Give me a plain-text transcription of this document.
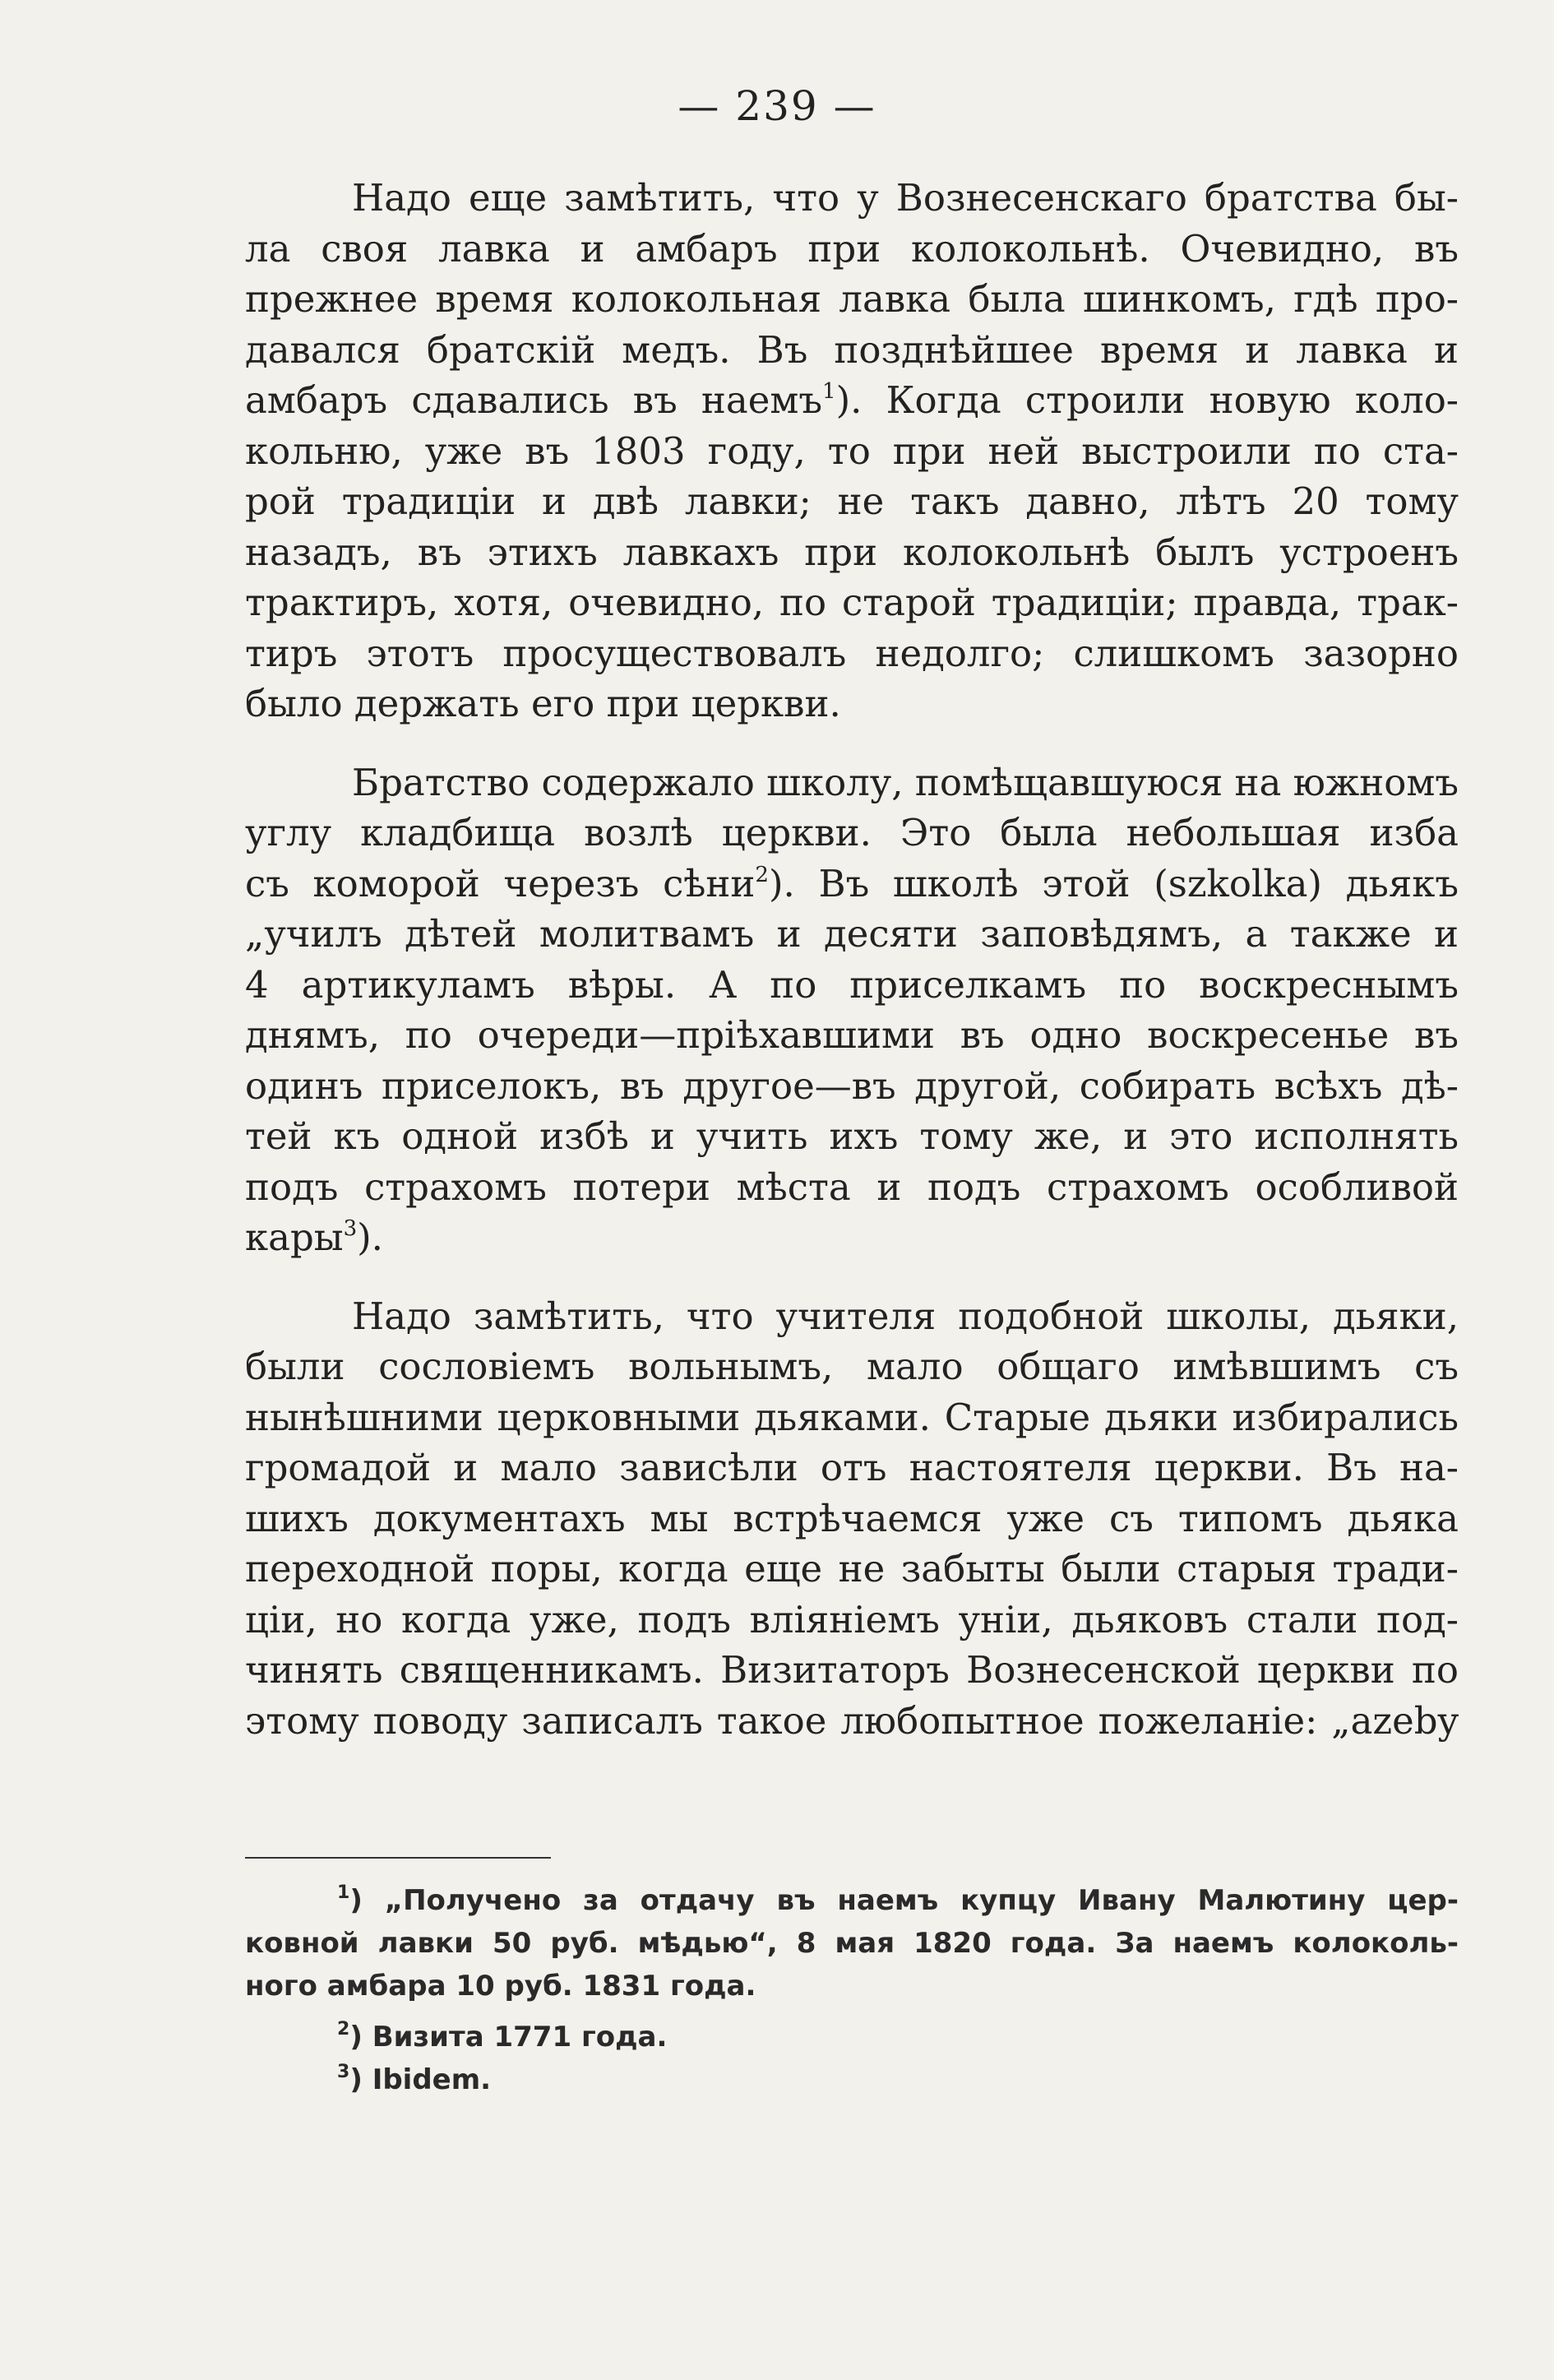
— 239 —
Надо еще замѣтить, что у Вознесенскаго братства бы-
ла своя лавка и амбаръ при колокольнѣ. Очевидно, въ
прежнее время колокольная лавка была шинкомъ, гдѣ про-
давался братскій медъ. Въ позднѣйшее время и лавка и
амбаръ сдавались въ наемъ$^1$). Когда строили новую коло-
кольню, уже въ 1803 году, то при ней выстроили по ста-
рой традиціи и двѣ лавки; не такъ давно, лѣтъ 20 тому
назадъ, въ этихъ лавкахъ при колокольнѣ былъ устроенъ
трактиръ, хотя, очевидно, по старой традиціи; правда, трак-
тиръ этотъ просуществовалъ недолго; слишкомъ зазорно
было держать его при церкви.
Братство содержало школу, помѣщавшуюся на южномъ
углу кладбища возлѣ церкви. Это была небольшая изба
съ коморой черезъ сѣни$^2$). Въ школѣ этой (szkolka) дьякъ
„училъ дѣтей молитвамъ и десяти заповѣдямъ, а также и
4 артикуламъ вѣры. А по приселкамъ по воскреснымъ
днямъ, по очереди—пріѣхавшими въ одно воскресенье въ
одинъ приселокъ, въ другое—въ другой, собирать всѣхъ дѣ-
тей къ одной избѣ и учить ихъ тому же, и это исполнять
подъ страхомъ потери мѣста и подъ страхомъ особливой
кары$^3$).
Надо замѣтить, что учителя подобной школы, дьяки,
были сословіемъ вольнымъ, мало общаго имѣвшимъ съ
нынѣшними церковными дьяками. Старые дьяки избирались
громадой и мало зависѣли отъ настоятеля церкви. Въ на-
шихъ документахъ мы встрѣчаемся уже съ типомъ дьяка
переходной поры, когда еще не забыты были старыя тради-
ціи, но когда уже, подъ вліяніемъ уніи, дьяковъ стали под-
чинять священникамъ. Визитаторъ Вознесенской церкви по
этому поводу записалъ такое любопытное пожеланіе: „azeby
$^1$) „Получено за отдачу въ наемъ купцу Ивану Малютину цер-
ковной лавки 50 руб. мѣдью“, 8 мая 1820 года. За наемъ колоколь-
ного амбара 10 руб. 1831 года.
$^2$) Визита 1771 года.
$^3$) Ibidem.
